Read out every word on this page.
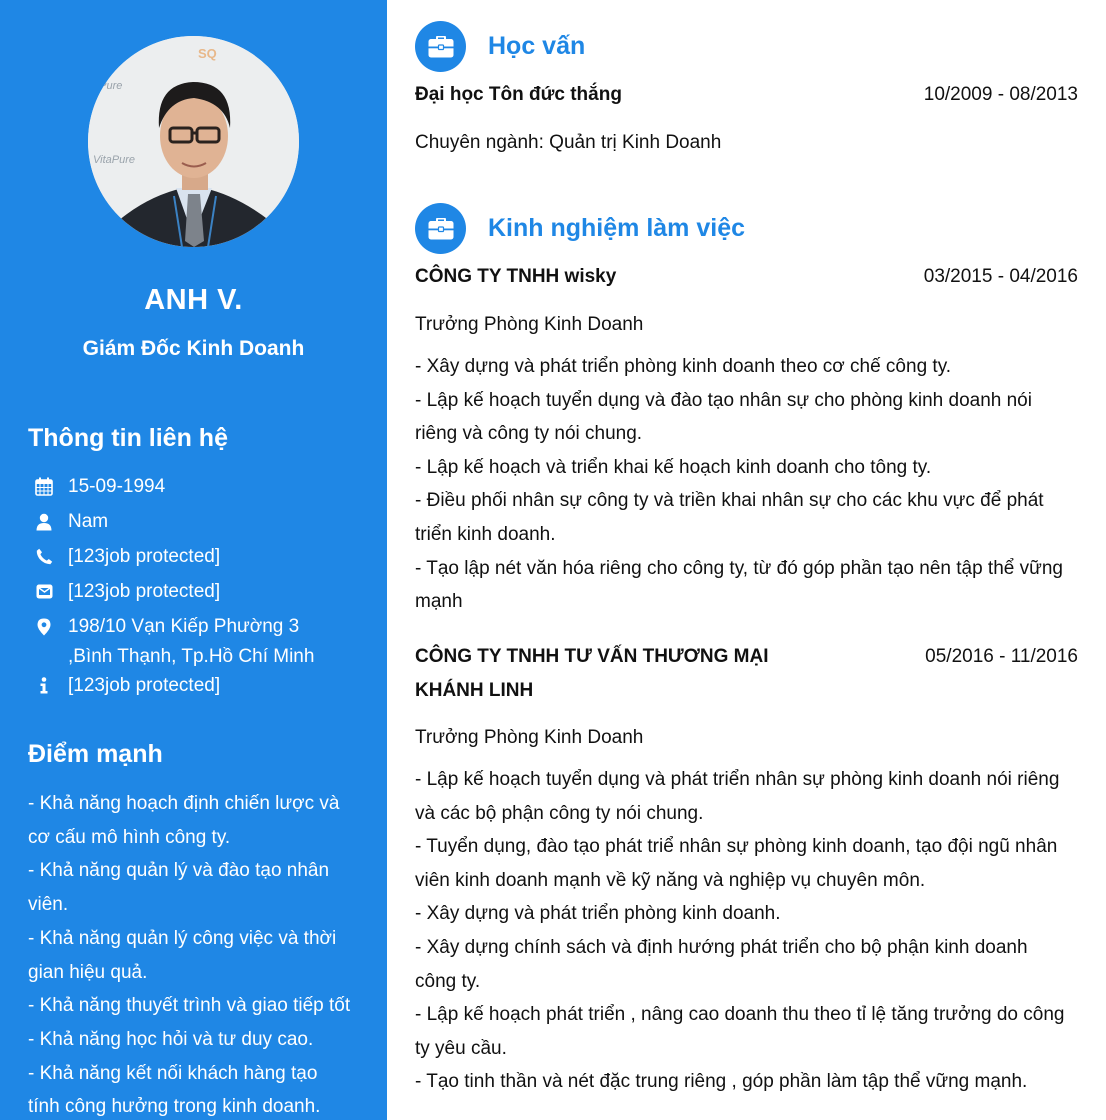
SQ
aPure
VitaPure
ANH V.
Giám Đốc Kinh Doanh
Thông tin liên hệ
15-09-1994
Nam
[123job protected]
[123job protected]
198/10 Vạn Kiếp Phường 3
,Bình Thạnh, Tp.Hồ Chí Minh
[123job protected]
Điểm mạnh
- Khả năng hoạch định chiến lược và
cơ cấu mô hình công ty.
- Khả năng quản lý và đào tạo nhân
viên.
- Khả năng quản lý công việc và thời
gian hiệu quả.
- Khả năng thuyết trình và giao tiếp tốt
- Khả năng học hỏi và tư duy cao.
- Khả năng kết nối khách hàng tạo
tính công hưởng trong kinh doanh.
Học vấn
Đại học Tôn đức thắng	10/2009 - 08/2013
Chuyên ngành: Quản trị Kinh Doanh
Kinh nghiệm làm việc
CÔNG TY TNHH wisky	03/2015 - 04/2016
Trưởng Phòng Kinh Doanh
- Xây dựng và phát triển phòng kinh doanh theo cơ chế công ty.
- Lập kế hoạch tuyển dụng và đào tạo nhân sự cho phòng kinh doanh nói
riêng và công ty nói chung.
- Lập kế hoạch và triển khai kế hoạch kinh doanh cho tông ty.
- Điều phối nhân sự công ty và triền khai nhân sự cho các khu vực để phát
triển kinh doanh.
- Tạo lập nét văn hóa riêng cho công ty, từ đó góp phần tạo nên tập thể vững
mạnh
CÔNG TY TNHH TƯ VẤN THƯƠNG MẠI
KHÁNH LINH
05/2016 - 11/2016
Trưởng Phòng Kinh Doanh
- Lập kế hoạch tuyển dụng và phát triển nhân sự phòng kinh doanh nói riêng
và các bộ phận công ty nói chung.
- Tuyển dụng, đào tạo phát triể nhân sự phòng kinh doanh, tạo đội ngũ nhân
viên kinh doanh mạnh về kỹ năng và nghiệp vụ chuyên môn.
- Xây dựng và phát triển phòng kinh doanh.
- Xây dựng chính sách và định hướng phát triển cho bộ phận kinh doanh
công ty.
- Lập kế hoạch phát triển , nâng cao doanh thu theo tỉ lệ tăng trưởng do công
ty yêu cầu.
- Tạo tinh thần và nét đặc trung riêng , góp phần làm tập thể vững mạnh.
